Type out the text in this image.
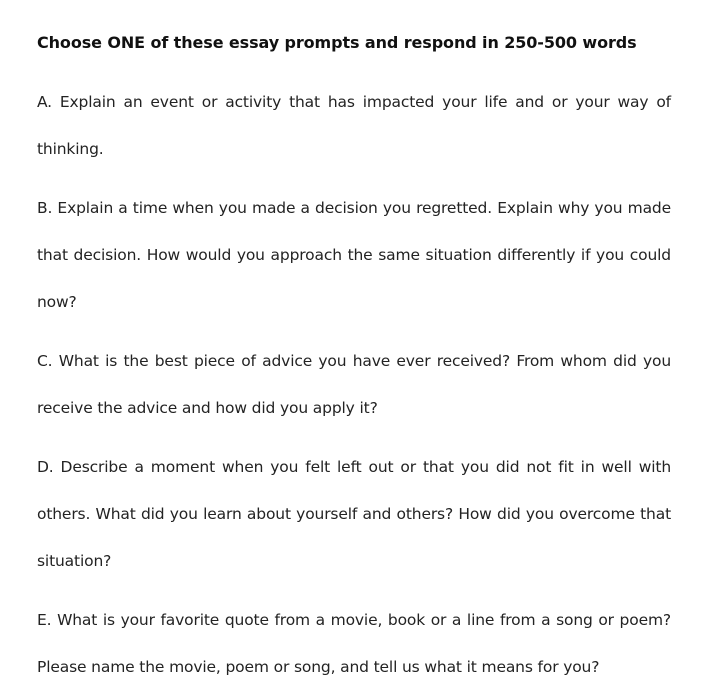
Choose ONE of these essay prompts and respond in 250-500 words

A. Explain an event or activity that has impacted your life and or your way of thinking.

B. Explain a time when you made a decision you regretted. Explain why you made that decision. How would you approach the same situation differently if you could now?

C. What is the best piece of advice you have ever received? From whom did you receive the advice and how did you apply it?

D. Describe a moment when you felt left out or that you did not fit in well with others. What did you learn about yourself and others? How did you overcome that situation?

E. What is your favorite quote from a movie, book or a line from a song or poem? Please name the movie, poem or song, and tell us what it means for you?
